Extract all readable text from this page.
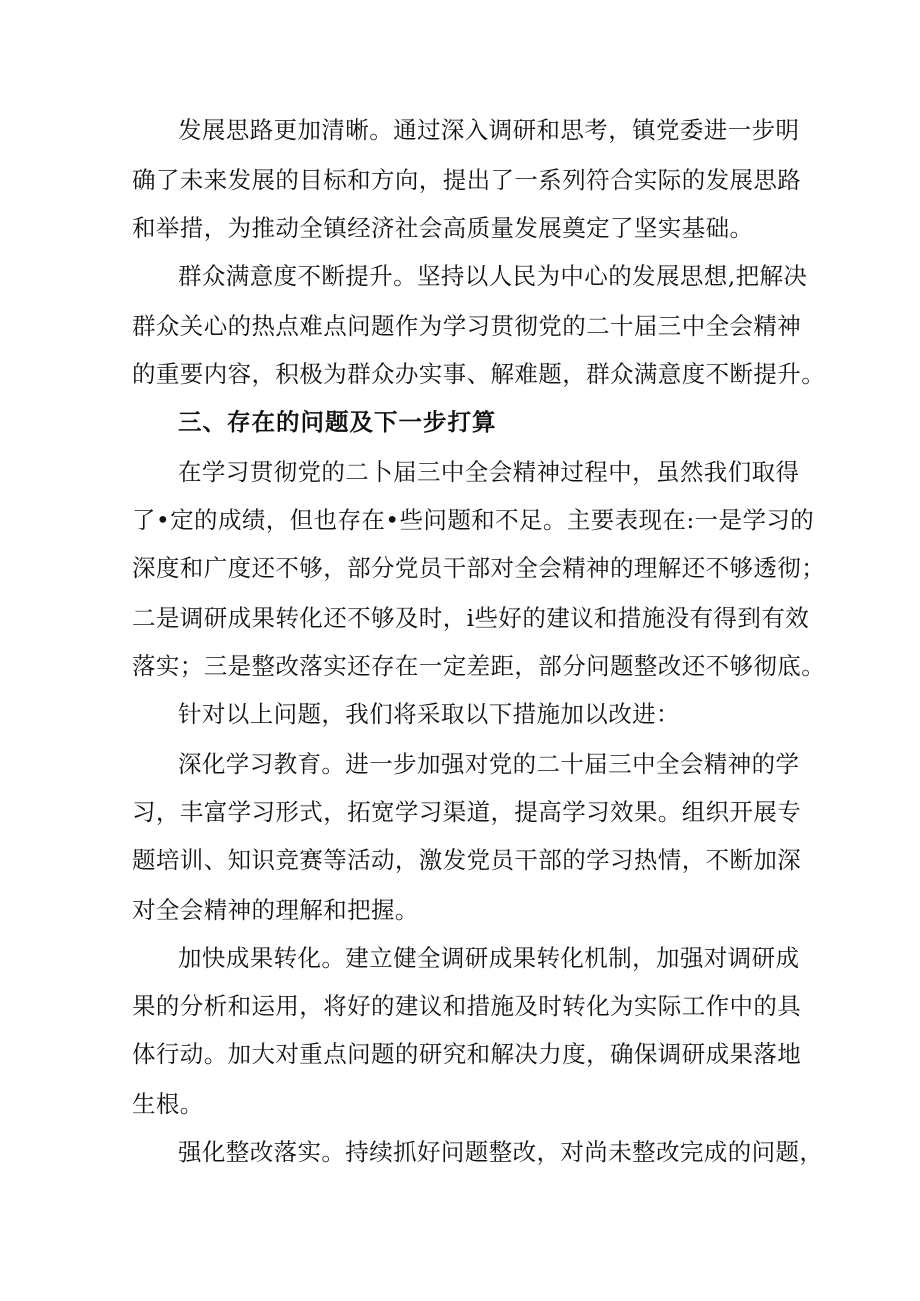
发展思路更加清晰。通过深入调研和思考，镇党委进一步明
确了未来发展的目标和方向，提出了一系列符合实际的发展思路
和举措，为推动全镇经济社会高质量发展奠定了坚实基础。
群众满意度不断提升。坚持以人民为中心的发展思想,把解决
群众关心的热点难点问题作为学习贯彻党的二十届三中全会精神
的重要内容，积极为群众办实事、解难题，群众满意度不断提升。
三、存在的问题及下一步打算
在学习贯彻党的二卜届三中全会精神过程中，虽然我们取得
了•定的成绩，但也存在•些问题和不足。主要表现在:一是学习的
深度和广度还不够，部分党员干部对全会精神的理解还不够透彻；
二是调研成果转化还不够及时，i些好的建议和措施没有得到有效
落实；三是整改落实还存在一定差距，部分问题整改还不够彻底。
针对以上问题，我们将采取以下措施加以改进：
深化学习教育。进一步加强对党的二十届三中全会精神的学
习，丰富学习形式，拓宽学习渠道，提高学习效果。组织开展专
题培训、知识竞赛等活动，激发党员干部的学习热情，不断加深
对全会精神的理解和把握。
加快成果转化。建立健全调研成果转化机制，加强对调研成
果的分析和运用，将好的建议和措施及时转化为实际工作中的具
体行动。加大对重点问题的研究和解决力度，确保调研成果落地
生根。
强化整改落实。持续抓好问题整改，对尚未整改完成的问题，
